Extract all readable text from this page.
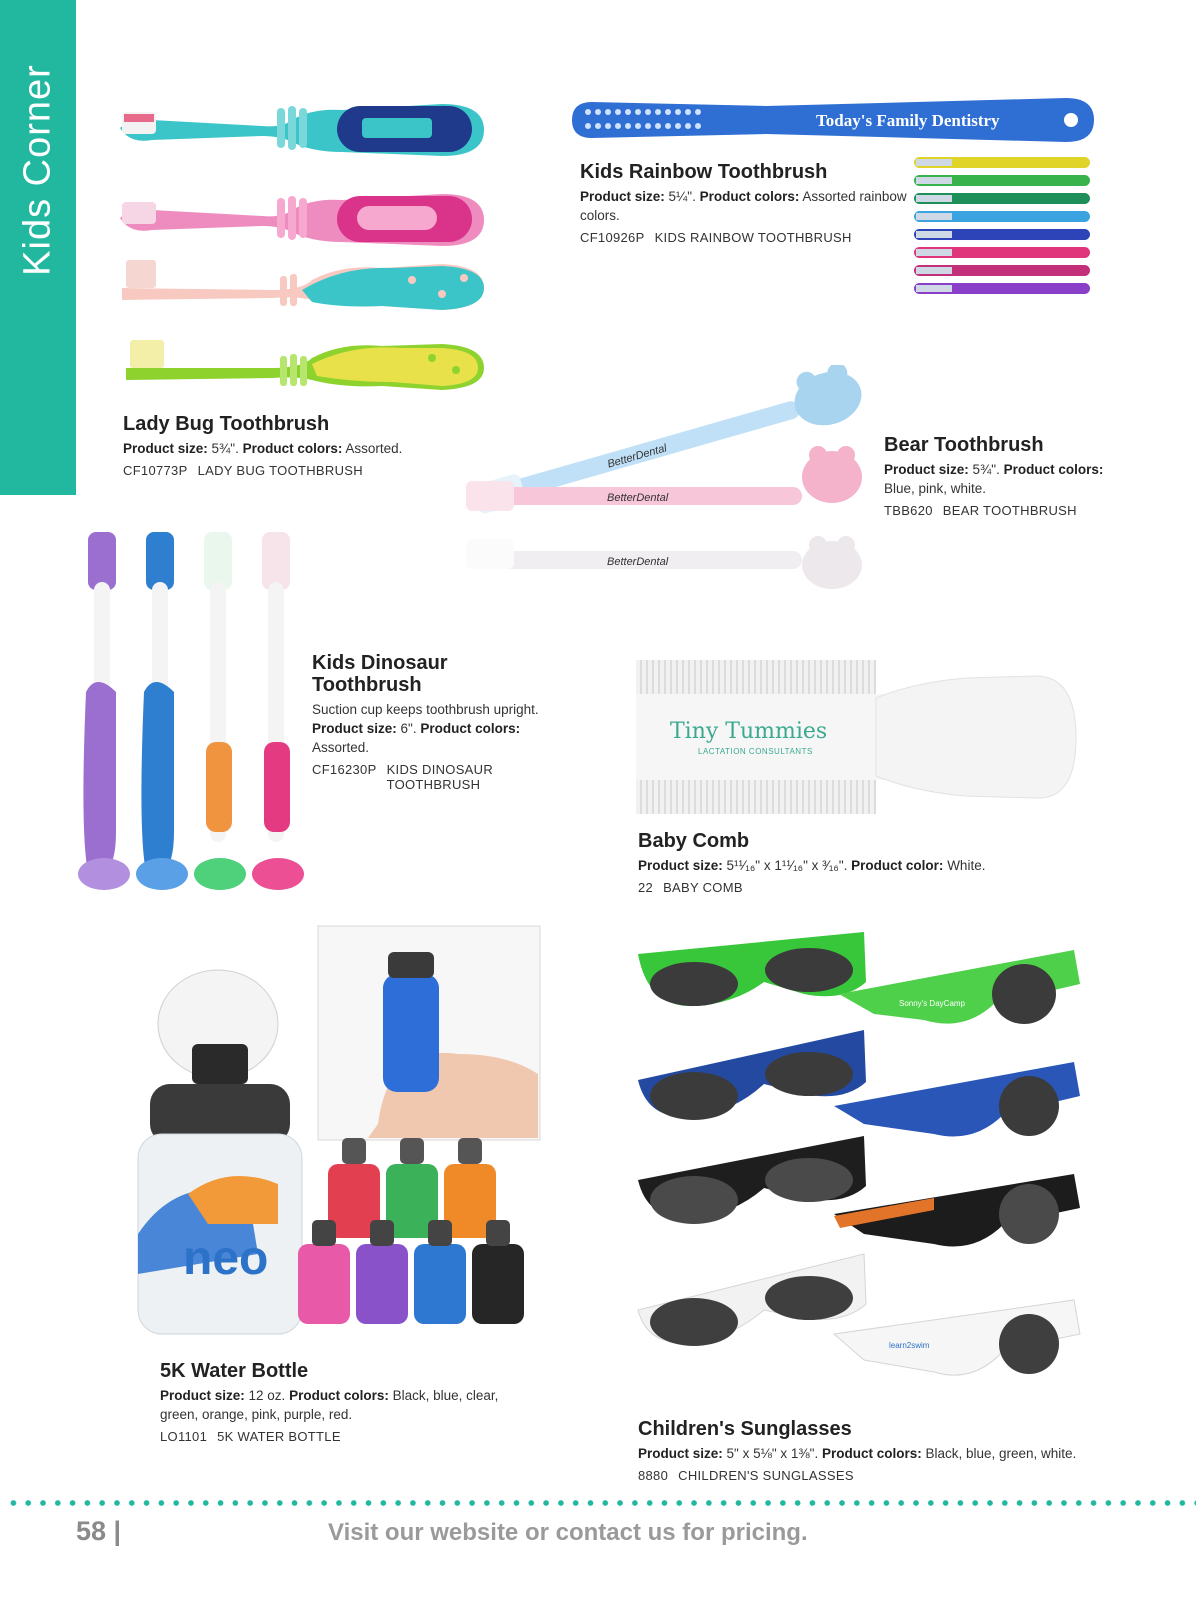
Kids Corner
Lady Bug Toothbrush
Product size: 5¾". Product colors: Assorted.
CF10773P LADY BUG TOOTHBRUSH
Today's Family Dentistry
Kids Rainbow Toothbrush
Product size: 5¼". Product colors: Assorted rainbow colors.
CF10926P KIDS RAINBOW TOOTHBRUSH
BetterDental
BetterDental
BetterDental
Bear Toothbrush
Product size: 5¾". Product colors: Blue, pink, white.
TBB620 BEAR TOOTHBRUSH
Kids Dinosaur Toothbrush
Suction cup keeps toothbrush upright.
Product size: 6". Product colors: Assorted.
CF16230P KIDS DINOSAUR TOOTHBRUSH
Tiny Tummies
LACTATION CONSULTANTS
Baby Comb
Product size: 5¹¹⁄₁₆" x 1¹¹⁄₁₆" x ³⁄₁₆". Product color: White.
22 BABY COMB
neo
5K Water Bottle
Product size: 12 oz. Product colors: Black, blue, clear, green, orange, pink, purple, red.
LO1101 5K WATER BOTTLE
Sonny's DayCamp
learn2swim
Children's Sunglasses
Product size: 5" x 5⅛" x 1⅜". Product colors: Black, blue, green, white.
8880 CHILDREN'S SUNGLASSES
58 |	Visit our website or contact us for pricing.
